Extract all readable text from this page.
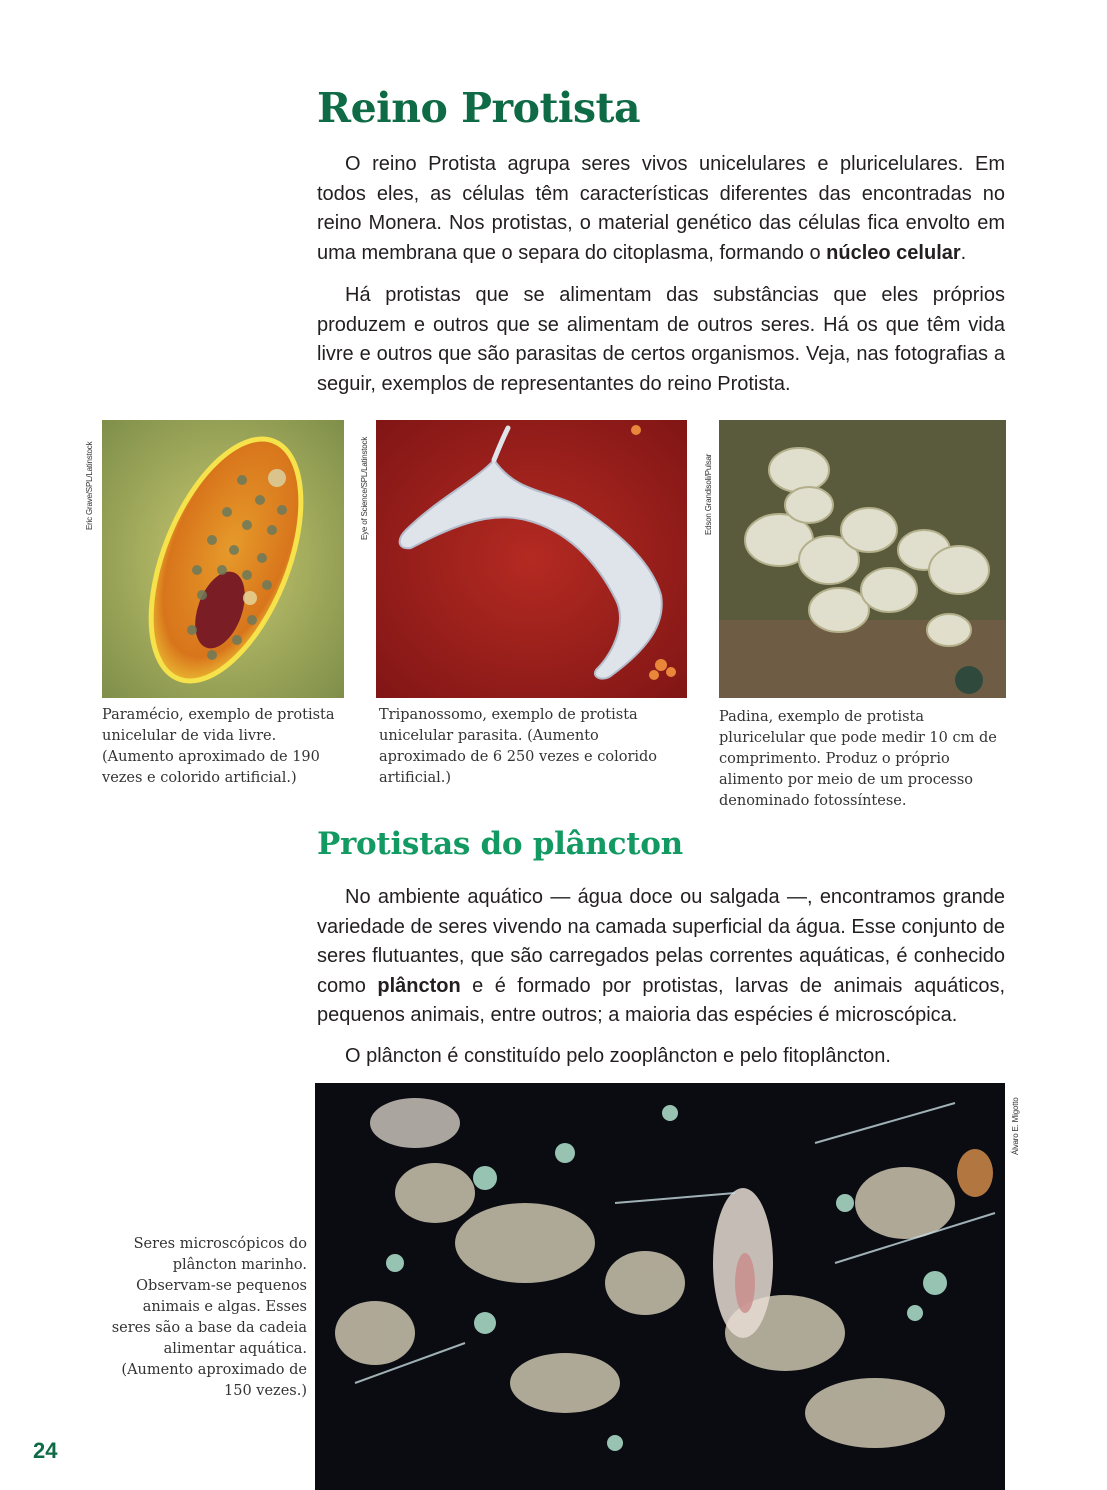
Reino Protista

O reino Protista agrupa seres vivos unicelulares e pluricelulares. Em todos eles, as células têm características diferentes das encontradas no reino Monera. Nos protistas, o material genético das células fica envolto em uma membrana que o separa do citoplasma, formando o núcleo celular.

Há protistas que se alimentam das substâncias que eles próprios produzem e outros que se alimentam de outros seres. Há os que têm vida livre e outros que são parasitas de certos organismos. Veja, nas fotografias a seguir, exemplos de representantes do reino Protista.

Eric Grave/SPL/Latinstock
Paramécio, exemplo de protista unicelular de vida livre. (Aumento aproximado de 190 vezes e colorido artificial.)
Eye of Science/SPL/Latinstock
Tripanossomo, exemplo de protista unicelular parasita. (Aumento aproximado de 6 250 vezes e colorido artificial.)
Edson Grandisoli/Pulsar
Padina, exemplo de protista pluricelular que pode medir 10 cm de comprimento. Produz o próprio alimento por meio de um processo denominado fotossíntese.
Protistas do plâncton

No ambiente aquático — água doce ou salgada —, encontramos grande variedade de seres vivendo na camada superficial da água. Esse conjunto de seres flutuantes, que são carregados pelas correntes aquáticas, é conhecido como plâncton e é formado por protistas, larvas de animais aquáticos, pequenos animais, entre outros; a maioria das espécies é microscópica.

O plâncton é constituído pelo zooplâncton e pelo fitoplâncton.

Álvaro E. Migotto
Seres microscópicos do plâncton marinho. Observam-se pequenos animais e algas. Esses seres são a base da cadeia alimentar aquática. (Aumento aproximado de 150 vezes.)
24
